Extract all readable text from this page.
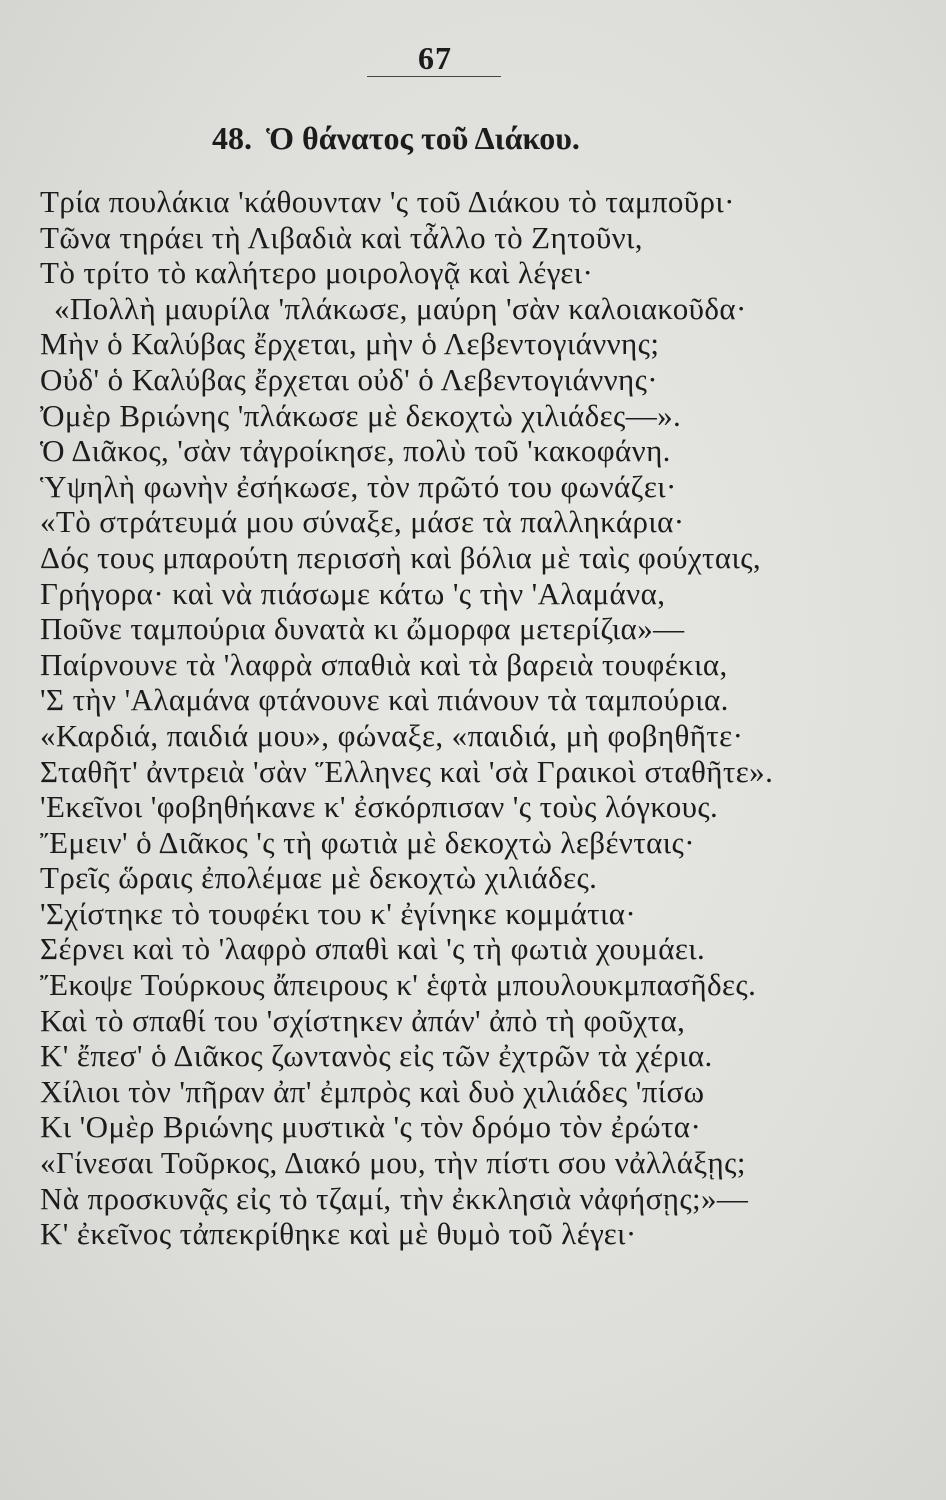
67
48. Ὁ θάνατος τοῦ Διάκου.
Τρία πουλάκια 'κάθουνταν 'ς τοῦ Διάκου τὸ ταμποῦρι·
Τῶνα τηράει τὴ Λιβαδιὰ καὶ τἆλλο τὸ Ζητοῦνι,
Τὸ τρίτο τὸ καλήτερο μοιρολογᾷ καὶ λέγει·
«Πολλὴ μαυρίλα 'πλάκωσε, μαύρη 'σὰν καλοιακοῦδα·
Μὴν ὁ Καλύβας ἔρχεται, μὴν ὁ Λεβεντογιάννης;
Οὐδ' ὁ Καλύβας ἔρχεται οὐδ' ὁ Λεβεντογιάννης·
Ὀμὲρ Βριώνης 'πλάκωσε μὲ δεκοχτὼ χιλιάδες—».
Ὁ Διᾶκος, 'σὰν τἀγροίκησε, πολὺ τοῦ 'κακοφάνη.
Ὑψηλὴ φωνὴν ἐσήκωσε, τὸν πρῶτό του φωνάζει·
«Τὸ στράτευμά μου σύναξε, μάσε τὰ παλληκάρια·
Δός τους μπαρούτη περισσὴ καὶ βόλια μὲ ταὶς φούχταις,
Γρήγορα· καὶ νὰ πιάσωμε κάτω 'ς τὴν 'Αλαμάνα,
Ποῦνε ταμπούρια δυνατὰ κι ὤμορφα μετερίζια»—
Παίρνουνε τὰ 'λαφρὰ σπαθιὰ καὶ τὰ βαρειὰ τουφέκια,
'Σ τὴν 'Αλαμάνα φτάνουνε καὶ πιάνουν τὰ ταμπούρια.
«Καρδιά, παιδιά μου», φώναξε, «παιδιά, μὴ φοβηθῆτε·
Σταθῆτ' ἀντρειὰ 'σὰν Ἕλληνες καὶ 'σὰ Γραικοὶ σταθῆτε».
'Εκεῖνοι 'φοβηθήκανε κ' ἐσκόρπισαν 'ς τοὺς λόγκους.
Ἔμειν' ὁ Διᾶκος 'ς τὴ φωτιὰ μὲ δεκοχτὼ λεβένταις·
Τρεῖς ὥραις ἐπολέμαε μὲ δεκοχτὼ χιλιάδες.
'Σχίστηκε τὸ τουφέκι του κ' ἐγίνηκε κομμάτια·
Σέρνει καὶ τὸ 'λαφρὸ σπαθὶ καὶ 'ς τὴ φωτιὰ χουμάει.
Ἔκοψε Τούρκους ἄπειρους κ' ἑφτὰ μπουλουκμπασῆδες.
Καὶ τὸ σπαθί του 'σχίστηκεν ἀπάν' ἀπὸ τὴ φοῦχτα,
Κ' ἔπεσ' ὁ Διᾶκος ζωντανὸς εἰς τῶν ἐχτρῶν τὰ χέρια.
Χίλιοι τὸν 'πῆραν ἀπ' ἐμπρὸς καὶ δυὸ χιλιάδες 'πίσω
Κι 'Ομὲρ Βριώνης μυστικὰ 'ς τὸν δρόμο τὸν ἐρώτα·
«Γίνεσαι Τοῦρκος, Διακό μου, τὴν πίστι σου νἀλλάξῃς;
Νὰ προσκυνᾷς εἰς τὸ τζαμί, τὴν ἐκκλησιὰ νἀφήσῃς;»—
Κ' ἐκεῖνος τἀπεκρίθηκε καὶ μὲ θυμὸ τοῦ λέγει·
